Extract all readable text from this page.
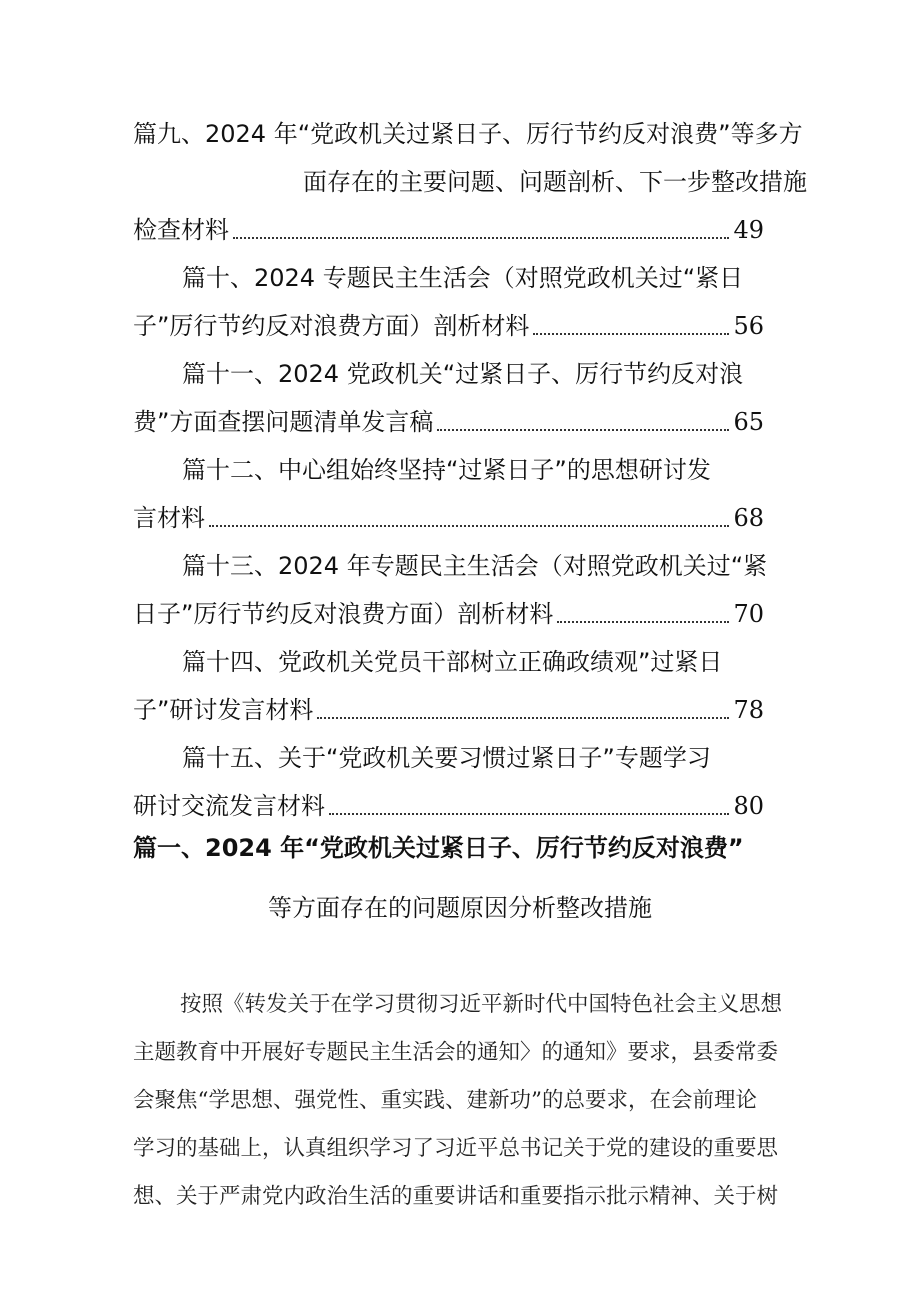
篇九、2024 年“党政机关过紧日子、厉行节约反对浪费”等多方
面存在的主要问题、问题剖析、下一步整改措施
检查材料	49
篇十、2024 专题民主生活会（对照党政机关过“紧日
子”厉行节约反对浪费方面）剖析材料	56
篇十一、2024 党政机关“过紧日子、厉行节约反对浪
费”方面查摆问题清单发言稿	65
篇十二、中心组始终坚持“过紧日子”的思想研讨发
言材料	68
篇十三、2024 年专题民主生活会（对照党政机关过“紧
日子”厉行节约反对浪费方面）剖析材料	70
篇十四、党政机关党员干部树立正确政绩观”过紧日
子”研讨发言材料	78
篇十五、关于“党政机关要习惯过紧日子”专题学习
研讨交流发言材料	80
篇一、2024 年“党政机关过紧日子、厉行节约反对浪费”
等方面存在的问题原因分析整改措施
按照《转发关于在学习贯彻习近平新时代中国特色社会主义思想
主题教育中开展好专题民主生活会的通知〉的通知》要求，县委常委
会聚焦“学思想、强党性、重实践、建新功”的总要求，在会前理论
学习的基础上，认真组织学习了习近平总书记关于党的建设的重要思
想、关于严肃党内政治生活的重要讲话和重要指示批示精神、关于树
